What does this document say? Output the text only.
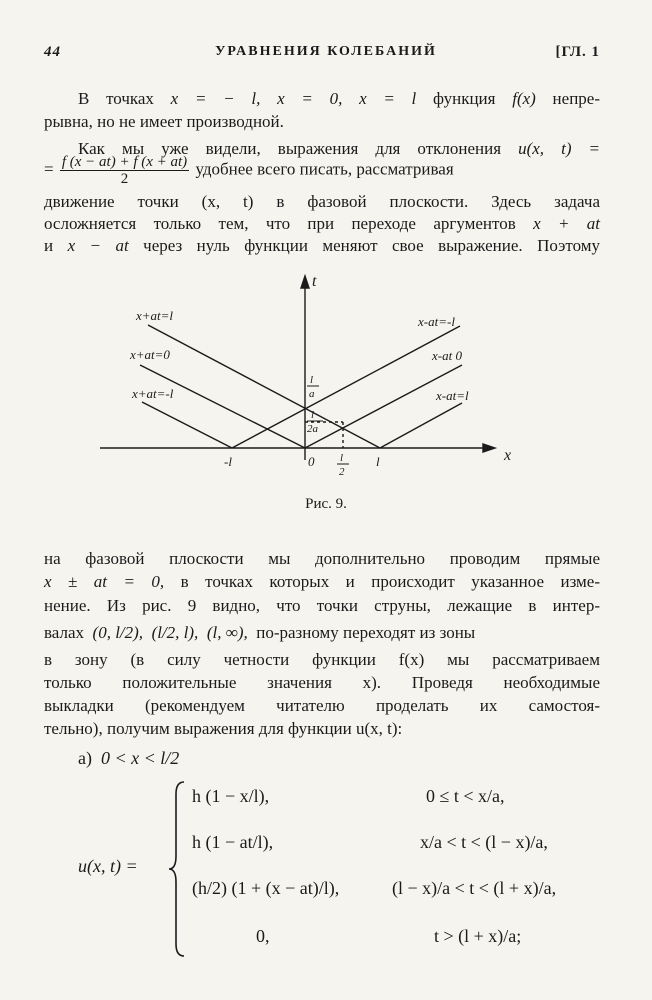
44	УРАВНЕНИЯ КОЛЕБАНИЙ	[ГЛ. 1
В точках x = − l, x = 0, x = l функция f(x) непре-
рывна, но не имеет производной.
Как мы уже видели, выражения для отклонения u(x, t) =
= $\frac{f (x - at) + f (x + at)}{2}$ удобнее всего писать, рассматривая
движение точки (x, t) в фазовой плоскости. Здесь задача
осложняется только тем, что при переходе аргументов x + at
и x − at через нуль функции меняют свое выражение. Поэтому
t
x
x+at=l
x+at=0
x+at=-l
x-at=-l
x-at 0
x-at=l
-l	0 l
2
l
l
a
l
2a
Рис. 9.
на фазовой плоскости мы дополнительно проводим прямые
x ± at = 0, в точках которых и происходит указанное изме-
нение. Из рис. 9 видно, что точки струны, лежащие в интер-
валах (0, l/2), (l/2, l), (l, ∞), по-разному переходят из зоны
в зону (в силу четности функции f(x) мы рассматриваем
только положительные значения x). Проведя необходимые
выкладки (рекомендуем читателю проделать их самостоя-
тельно), получим выражения для функции u(x, t):
а) 0 < x < l/2
u(x, t) =
h (1 − x/l),	0 ≤ t < x/a,
h (1 − at/l),	x/a < t < (l − x)/a,
(h/2) (1 + (x − at)/l),	(l − x)/a < t < (l + x)/a,
0,	t > (l + x)/a;
